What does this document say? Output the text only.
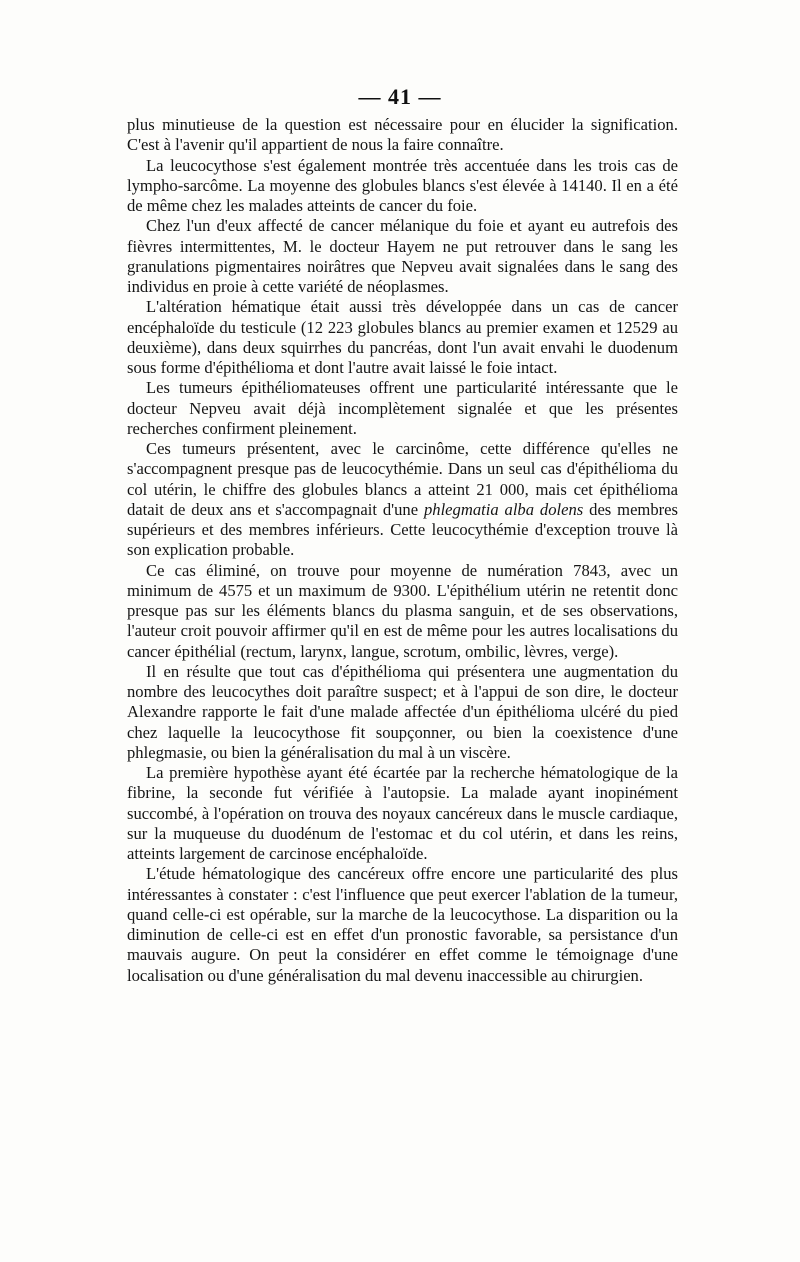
— 41 —

plus minutieuse de la question est nécessaire pour en élucider la signification. C'est à l'avenir qu'il appartient de nous la faire connaître.

La leucocythose s'est également montrée très accentuée dans les trois cas de lympho-sarcôme. La moyenne des globules blancs s'est élevée à 14140. Il en a été de même chez les malades atteints de cancer du foie.

Chez l'un d'eux affecté de cancer mélanique du foie et ayant eu autrefois des fièvres intermittentes, M. le docteur Hayem ne put retrouver dans le sang les granulations pigmentaires noirâtres que Nepveu avait signalées dans le sang des individus en proie à cette variété de néoplasmes.

L'altération hématique était aussi très développée dans un cas de cancer encéphaloïde du testicule (12 223 globules blancs au premier examen et 12529 au deuxième), dans deux squirrhes du pancréas, dont l'un avait envahi le duodenum sous forme d'épithélioma et dont l'autre avait laissé le foie intact.

Les tumeurs épithéliomateuses offrent une particularité intéressante que le docteur Nepveu avait déjà incomplètement signalée et que les présentes recherches confirment pleinement.

Ces tumeurs présentent, avec le carcinôme, cette différence qu'elles ne s'accompagnent presque pas de leucocythémie. Dans un seul cas d'épithélioma du col utérin, le chiffre des globules blancs a atteint 21 000, mais cet épithélioma datait de deux ans et s'accompagnait d'une phlegmatia alba dolens des membres supérieurs et des membres inférieurs. Cette leucocythémie d'exception trouve là son explication probable.

Ce cas éliminé, on trouve pour moyenne de numération 7843, avec un minimum de 4575 et un maximum de 9300. L'épithélium utérin ne retentit donc presque pas sur les éléments blancs du plasma sanguin, et de ses observations, l'auteur croit pouvoir affirmer qu'il en est de même pour les autres localisations du cancer épithélial (rectum, larynx, langue, scrotum, ombilic, lèvres, verge).

Il en résulte que tout cas d'épithélioma qui présentera une augmentation du nombre des leucocythes doit paraître suspect; et à l'appui de son dire, le docteur Alexandre rapporte le fait d'une malade affectée d'un épithélioma ulcéré du pied chez laquelle la leucocythose fit soupçonner, ou bien la coexistence d'une phlegmasie, ou bien la généralisation du mal à un viscère.

La première hypothèse ayant été écartée par la recherche hématologique de la fibrine, la seconde fut vérifiée à l'autopsie. La malade ayant inopinément succombé, à l'opération on trouva des noyaux cancéreux dans le muscle cardiaque, sur la muqueuse du duodénum de l'estomac et du col utérin, et dans les reins, atteints largement de carcinose encéphaloïde.

L'étude hématologique des cancéreux offre encore une particularité des plus intéressantes à constater : c'est l'influence que peut exercer l'ablation de la tumeur, quand celle-ci est opérable, sur la marche de la leucocythose. La disparition ou la diminution de celle-ci est en effet d'un pronostic favorable, sa persistance d'un mauvais augure. On peut la considérer en effet comme le témoignage d'une localisation ou d'une généralisation du mal devenu inaccessible au chirurgien.
